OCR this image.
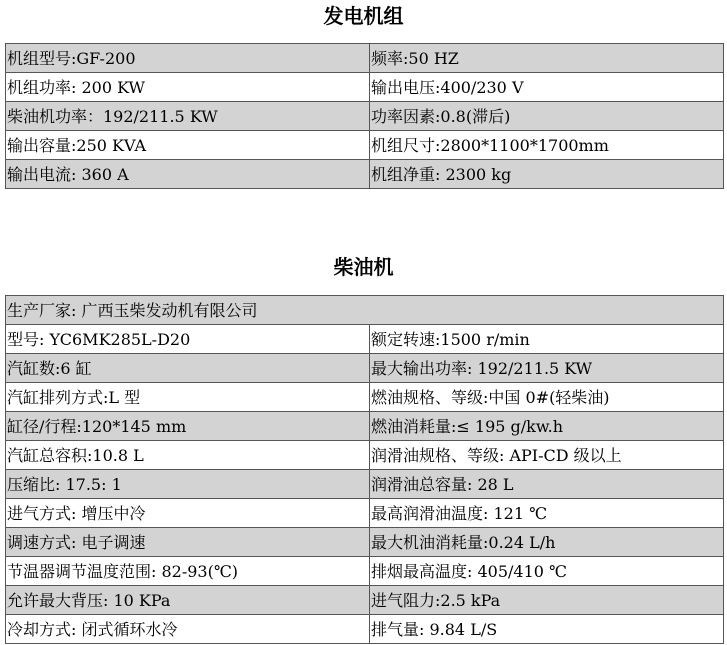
发电机组
机组型号:GF-200	频率:50 HZ
机组功率: 200 KW	输出电压:400/230 V
柴油机功率：192/211.5 KW	功率因素:0.8(滞后)
输出容量:250 KVA	机组尺寸:2800*1100*1700mm
输出电流: 360 A	机组净重: 2300 kg
柴油机
生产厂家: 广西玉柴发动机有限公司	
型号: YC6MK285L-D20	额定转速:1500 r/min
汽缸数:6 缸	最大输出功率: 192/211.5 KW
汽缸排列方式:L 型	燃油规格、等级:中国 0#(轻柴油)
缸径/行程:120*145 mm	燃油消耗量:≤ 195 g/kw.h
汽缸总容积:10.8 L	润滑油规格、等级: API-CD 级以上
压缩比: 17.5: 1	润滑油总容量: 28 L
进气方式: 增压中冷	最高润滑油温度: 121 ℃
调速方式: 电子调速	最大机油消耗量:0.24 L/h
节温器调节温度范围: 82-93(℃)	排烟最高温度: 405/410 ℃
允许最大背压: 10 KPa	进气阻力:2.5 kPa
冷却方式: 闭式循环水冷	排气量: 9.84 L/S
